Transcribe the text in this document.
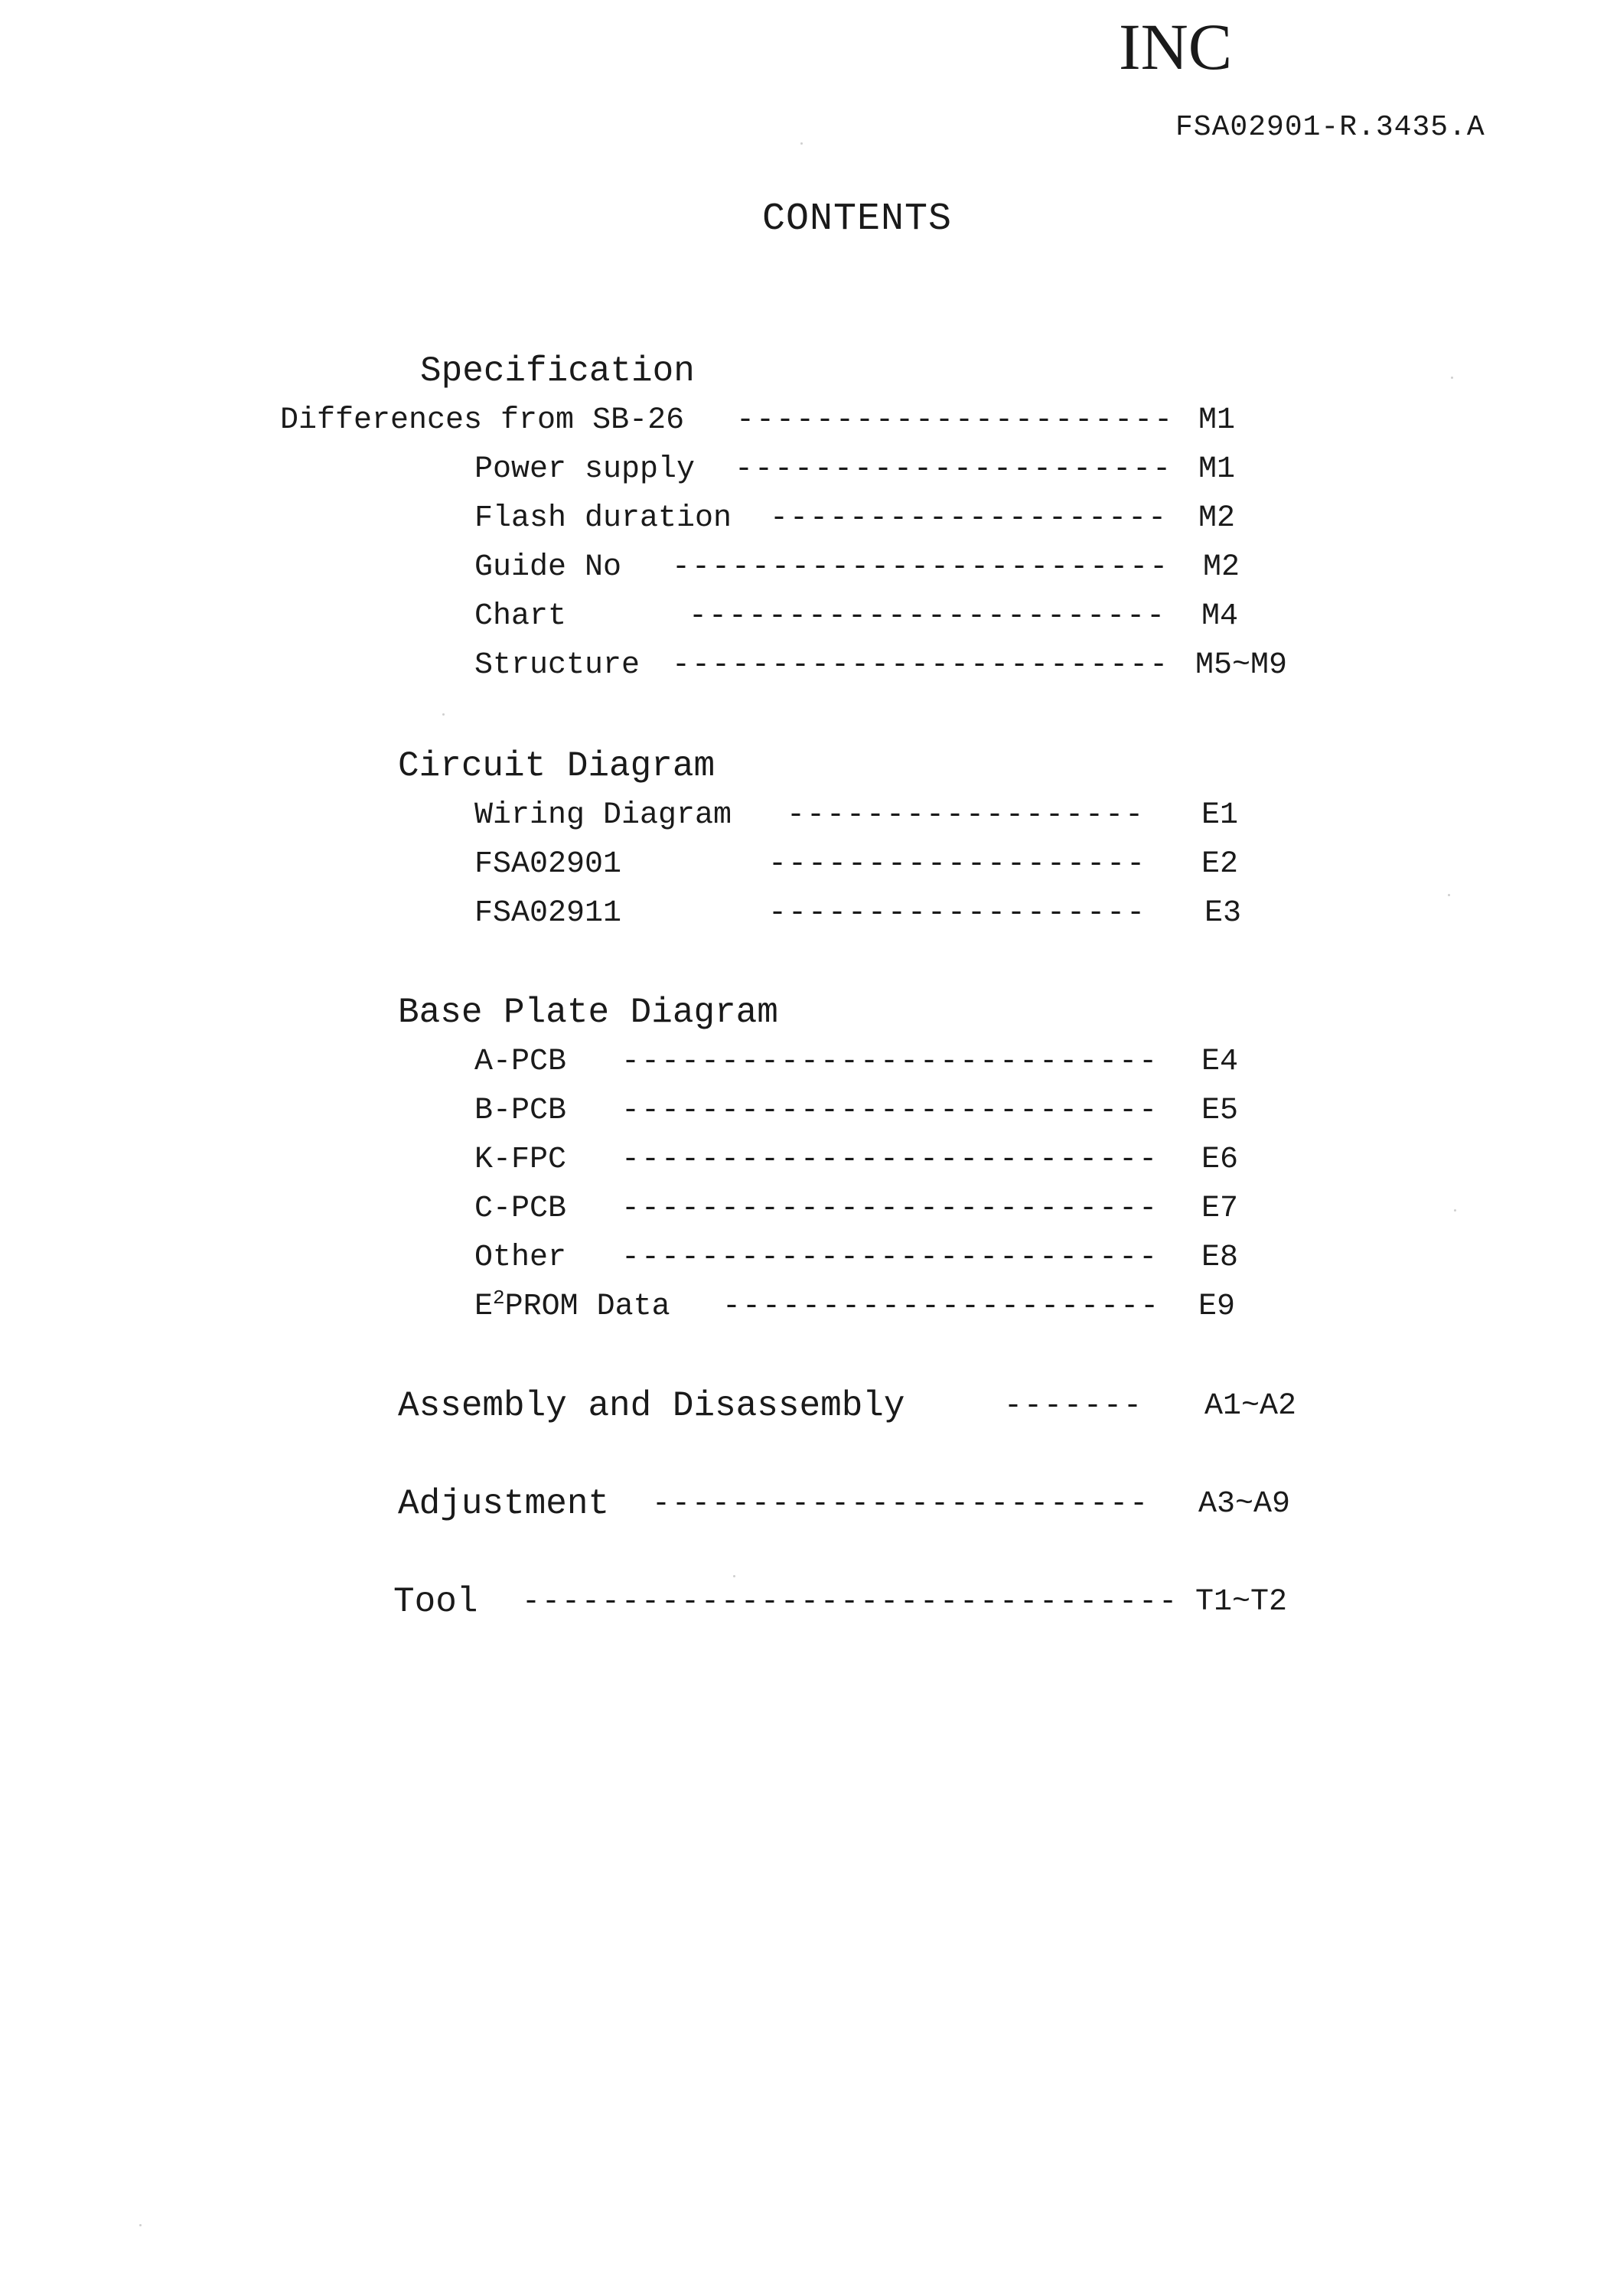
INC
FSA02901-R.3435.A
CONTENTS
Specification
Differences from SB-26 ---------------------- M1
Power supply ---------------------- M1
Flash duration -------------------- M2
Guide No ------------------------- M2
Chart	------------------------ M4
Structure ------------------------- M5~M9
Circuit Diagram
Wiring Diagram ------------------ E1
FSA02901	------------------- E2
FSA02911	------------------- E3
Base Plate Diagram
A-PCB --------------------------- E4
B-PCB --------------------------- E5
K-FPC --------------------------- E6
C-PCB --------------------------- E7
Other --------------------------- E8
$E^2PROM$ Data ---------------------- E9
Assembly and Disassembly	------- A1~A2
Adjustment ------------------------- A3~A9
Tool --------------------------------- T1~T2
